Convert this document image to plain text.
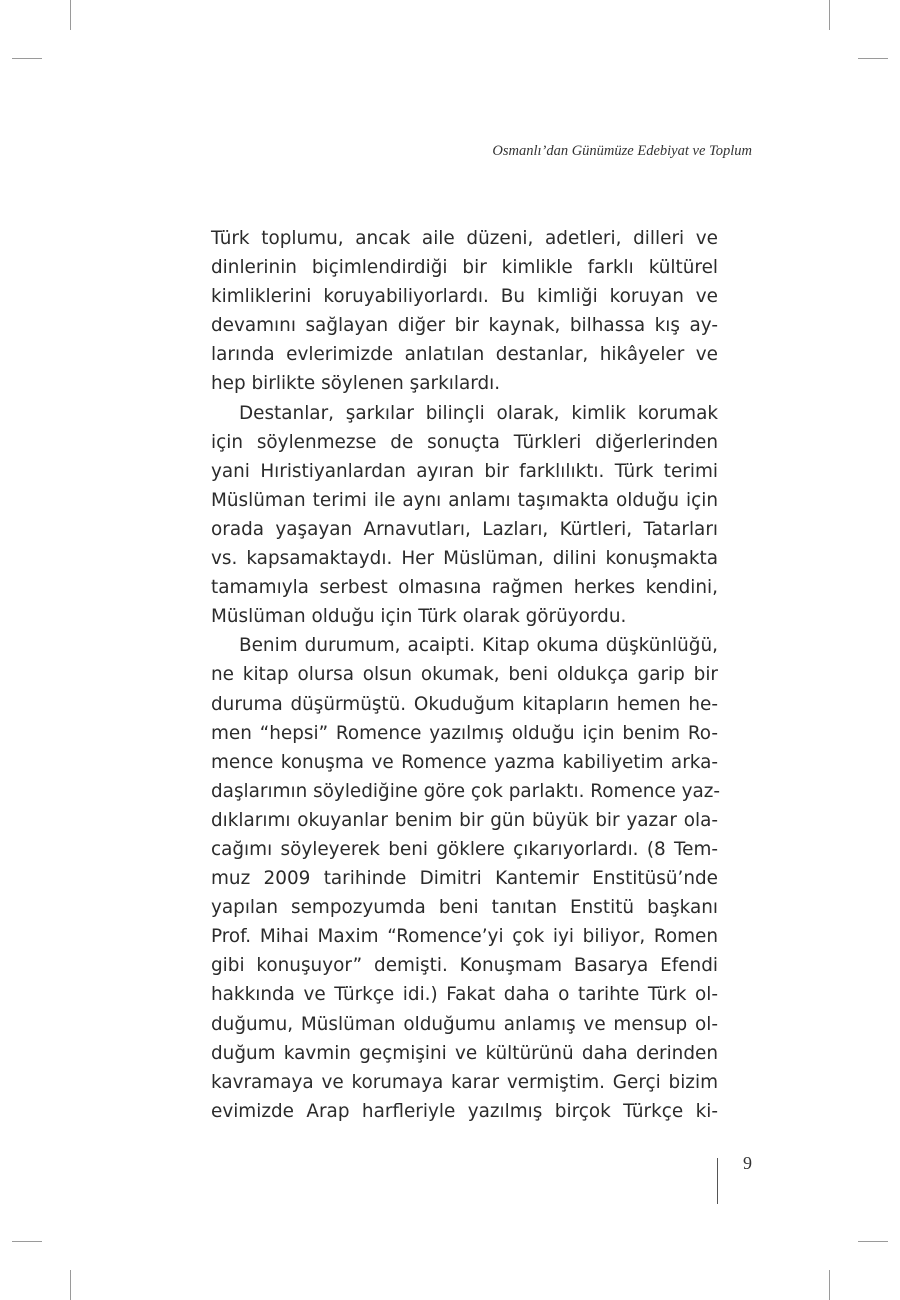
Osmanlı’dan Günümüze Edebiyat ve Toplum
Türk toplumu, ancak aile düzeni, adetleri, dilleri ve
dinlerinin biçimlendirdiği bir kimlikle farklı kültürel
kimliklerini koruyabiliyorlardı. Bu kimliği koruyan ve
devamını sağlayan diğer bir kaynak, bilhassa kış ay-
larında evlerimizde anlatılan destanlar, hikâyeler ve
hep birlikte söylenen şarkılardı.
Destanlar, şarkılar bilinçli olarak, kimlik korumak
için söylenmezse de sonuçta Türkleri diğerlerinden
yani Hıristiyanlardan ayıran bir farklılıktı. Türk terimi
Müslüman terimi ile aynı anlamı taşımakta olduğu için
orada yaşayan Arnavutları, Lazları, Kürtleri, Tatarları
vs. kapsamaktaydı. Her Müslüman, dilini konuşmakta
tamamıyla serbest olmasına rağmen herkes kendini,
Müslüman olduğu için Türk olarak görüyordu.
Benim durumum, acaipti. Kitap okuma düşkünlüğü,
ne kitap olursa olsun okumak, beni oldukça garip bir
duruma düşürmüştü. Okuduğum kitapların hemen he-
men “hepsi” Romence yazılmış olduğu için benim Ro-
mence konuşma ve Romence yazma kabiliyetim arka-
daşlarımın söylediğine göre çok parlaktı. Romence yaz-
dıklarımı okuyanlar benim bir gün büyük bir yazar ola-
cağımı söyleyerek beni göklere çıkarıyorlardı. (8 Tem-
muz 2009 tarihinde Dimitri Kantemir Enstitüsü’nde
yapılan sempozyumda beni tanıtan Enstitü başkanı
Prof. Mihai Maxim “Romence’yi çok iyi biliyor, Romen
gibi konuşuyor” demişti. Konuşmam Basarya Efendi
hakkında ve Türkçe idi.) Fakat daha o tarihte Türk ol-
duğumu, Müslüman olduğumu anlamış ve mensup ol-
duğum kavmin geçmişini ve kültürünü daha derinden
kavramaya ve korumaya karar vermiştim. Gerçi bizim
evimizde Arap harfleriyle yazılmış birçok Türkçe ki-
9
